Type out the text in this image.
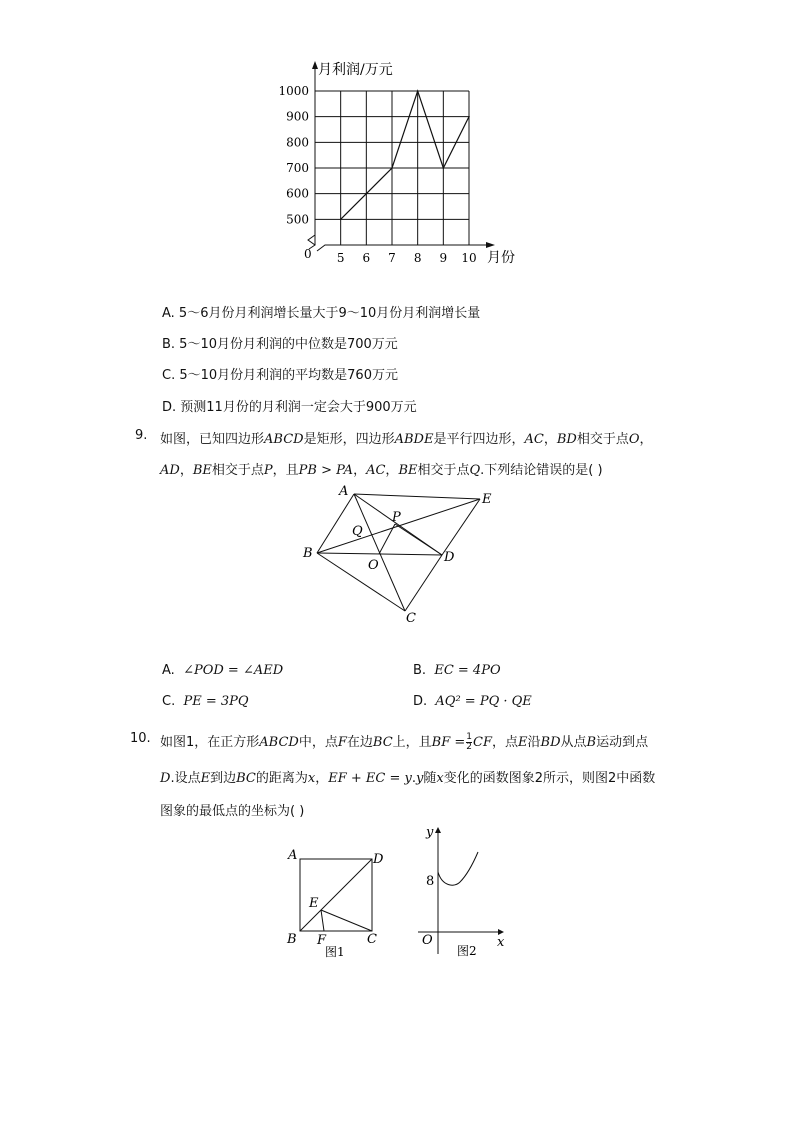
500
600
700
800
900
1000
5 6 7 8 9 10
月利润/万元
月份
0
A. 5～6月份月利润增长量大于9～10月份月利润增长量
B. 5～10月份月利润的中位数是700万元
C. 5～10月份月利润的平均数是760万元
D. 预测11月份的月利润一定会大于900万元
9. 如图，已知四边形ABCD是矩形，四边形ABDE是平行四边形，AC，BD相交于点O，
AD，BE相交于点P，且PB > PA，AC，BE相交于点Q.下列结论错误的是( )
A
E
B	D
C
P
Q
O
A. ∠POD = ∠AED	B. EC = 4PO
C. PE = 3PQ	D. AQ² = PQ · QE
10. 如图1，在正方形ABCD中，点F在边BC上，且BF = $\frac{1}{2}$ CF，点E沿BD从点B运动到点
D.设点E到边BC的距离为x，EF + EC = y.y随x变化的函数图象2所示，则图2中函数
图象的最低点的坐标为( )
A	D
E
B F	C
图1
y
8
O	x
图2
